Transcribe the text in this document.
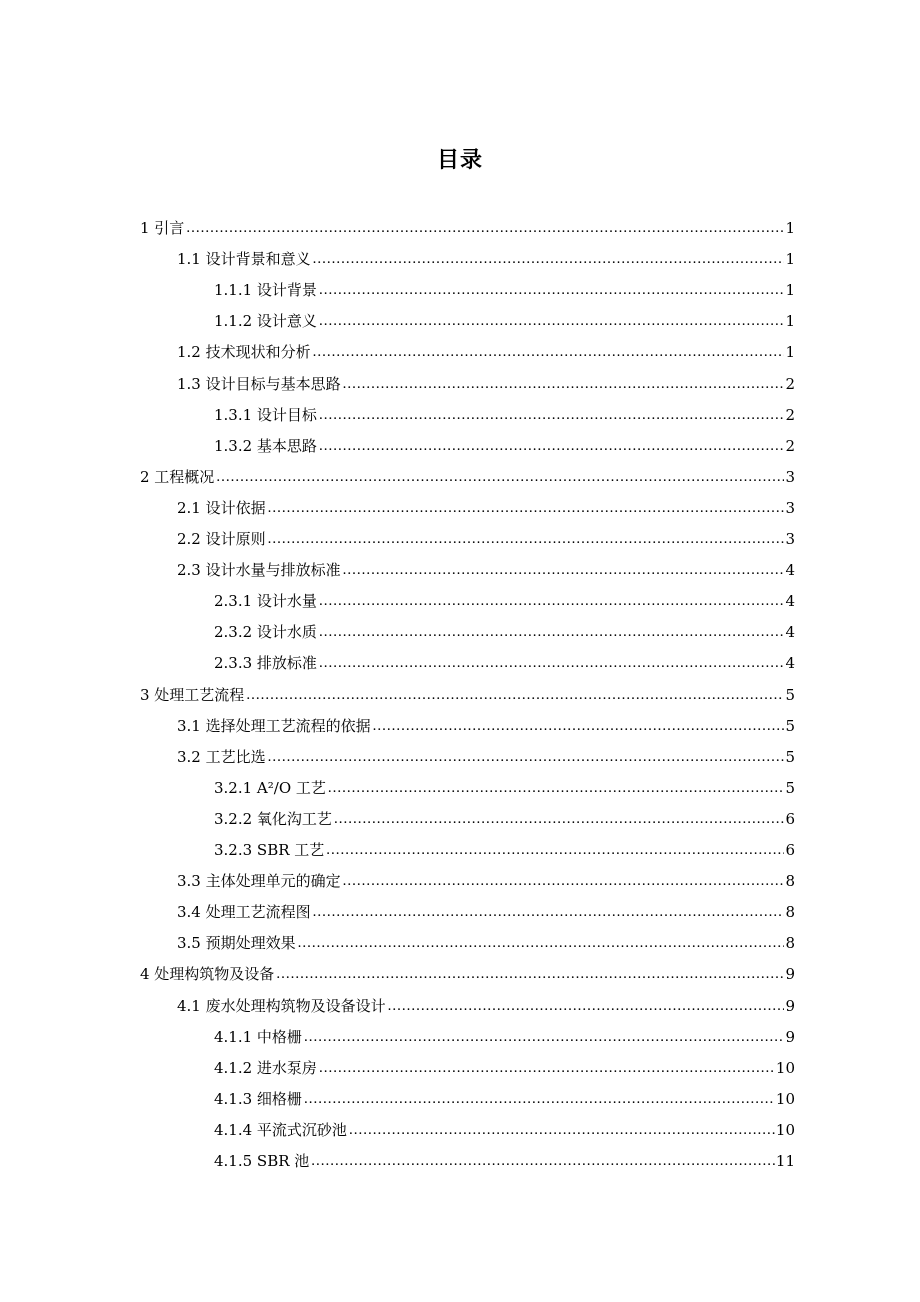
目录
1 引言 .....	1
1.1 设计背景和意义 .....	1
1.1.1 设计背景 .....	1
1.1.2 设计意义 .....	1
1.2 技术现状和分析 .....	1
1.3 设计目标与基本思路 .....	2
1.3.1 设计目标 .....	2
1.3.2 基本思路 .....	2
2 工程概况 .....	3
2.1 设计依据 .....	3
2.2 设计原则 .....	3
2.3 设计水量与排放标准 .....	4
2.3.1 设计水量 .....	4
2.3.2 设计水质 .....	4
2.3.3 排放标准 .....	4
3 处理工艺流程 .....	5
3.1 选择处理工艺流程的依据 .....	5
3.2 工艺比选 .....	5
3.2.1 A²/O 工艺 .....	5
3.2.2 氧化沟工艺 .....	6
3.2.3 SBR 工艺 .....	6
3.3 主体处理单元的确定 .....	8
3.4 处理工艺流程图 .....	8
3.5 预期处理效果 .....	8
4 处理构筑物及设备 .....	9
4.1 废水处理构筑物及设备设计 .....	9
4.1.1 中格栅 .....	9
4.1.2 进水泵房 .....	10
4.1.3 细格栅 .....	10
4.1.4 平流式沉砂池 .....	10
4.1.5 SBR 池 .....	11
